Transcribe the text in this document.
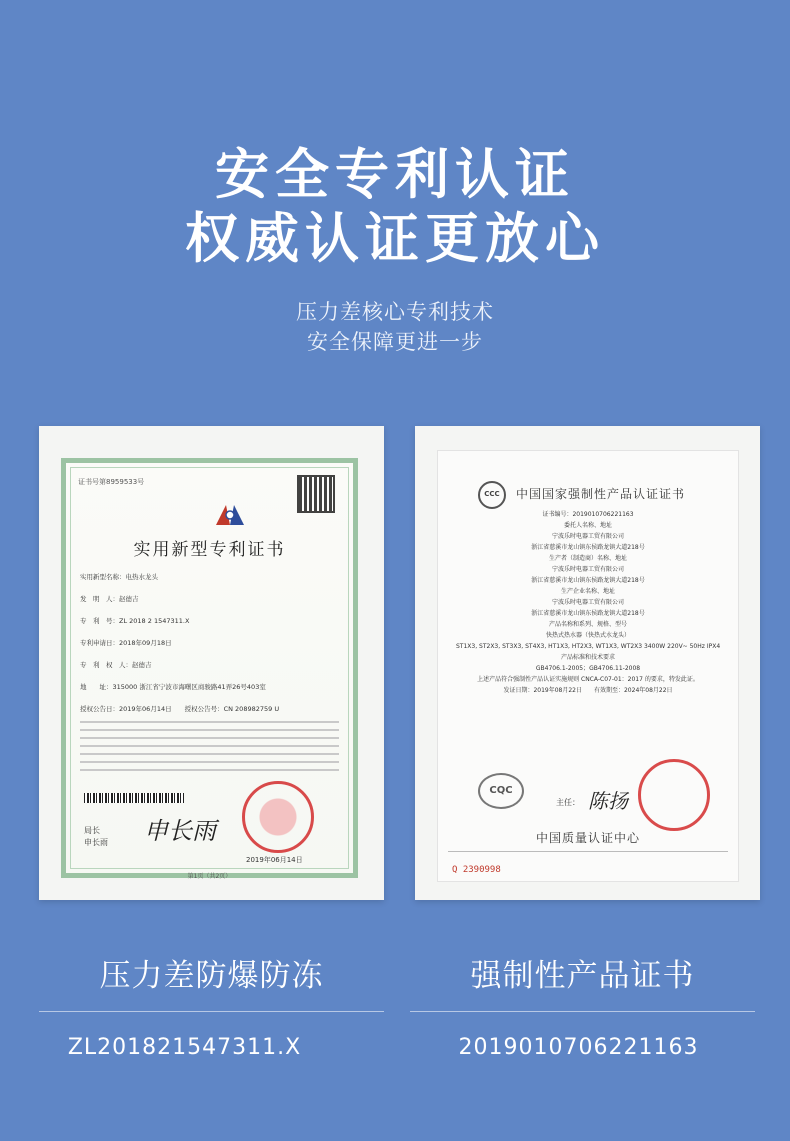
安全专利认证
权威认证更放心
压力差核心专利技术
安全保障更进一步
证书号第8959533号
实用新型专利证书
实用新型名称：电热水龙头
发　明　人：赵德吉
专　利　号：ZL 2018 2 1547311.X
专利申请日：2018年09月18日
专　利　权　人：赵德吉
地　　址：315000 浙江省宁波市海曙区商骏路41弄26号403室
授权公告日：2019年06月14日　　授权公告号：CN 208982759 U
局长
申长雨 申长雨
2019年06月14日
第1页（共2页）
CCC
中国国家强制性产品认证证书
证书编号：2019010706221163
委托人名称、地址
宁波乐时电器工贸有限公司
浙江省慈溪市龙山镇东侯路龙镇大道218号
生产者（制造商）名称、地址
宁波乐时电器工贸有限公司
浙江省慈溪市龙山镇东侯路龙镇大道218号
生产企业名称、地址
宁波乐时电器工贸有限公司
浙江省慈溪市龙山镇东侯路龙镇大道218号
产品名称和系列、规格、型号
快热式热水器（快热式水龙头）
ST1X3, ST2X3, ST3X3, ST4X3, HT1X3, HT2X3, WT1X3, WT2X3 3400W 220V~ 50Hz IPX4
产品标准和技术要求
GB4706.1-2005；GB4706.11-2008
上述产品符合强制性产品认证实施规则 CNCA-C07-01：2017 的要求，特发此证。
发证日期：2019年08月22日　　有效期至：2024年08月22日
CQC
主任： 陈扬
中国质量认证中心
Q 2390998
压力差防爆防冻	强制性产品证书
ZL201821547311.X	2019010706221163
